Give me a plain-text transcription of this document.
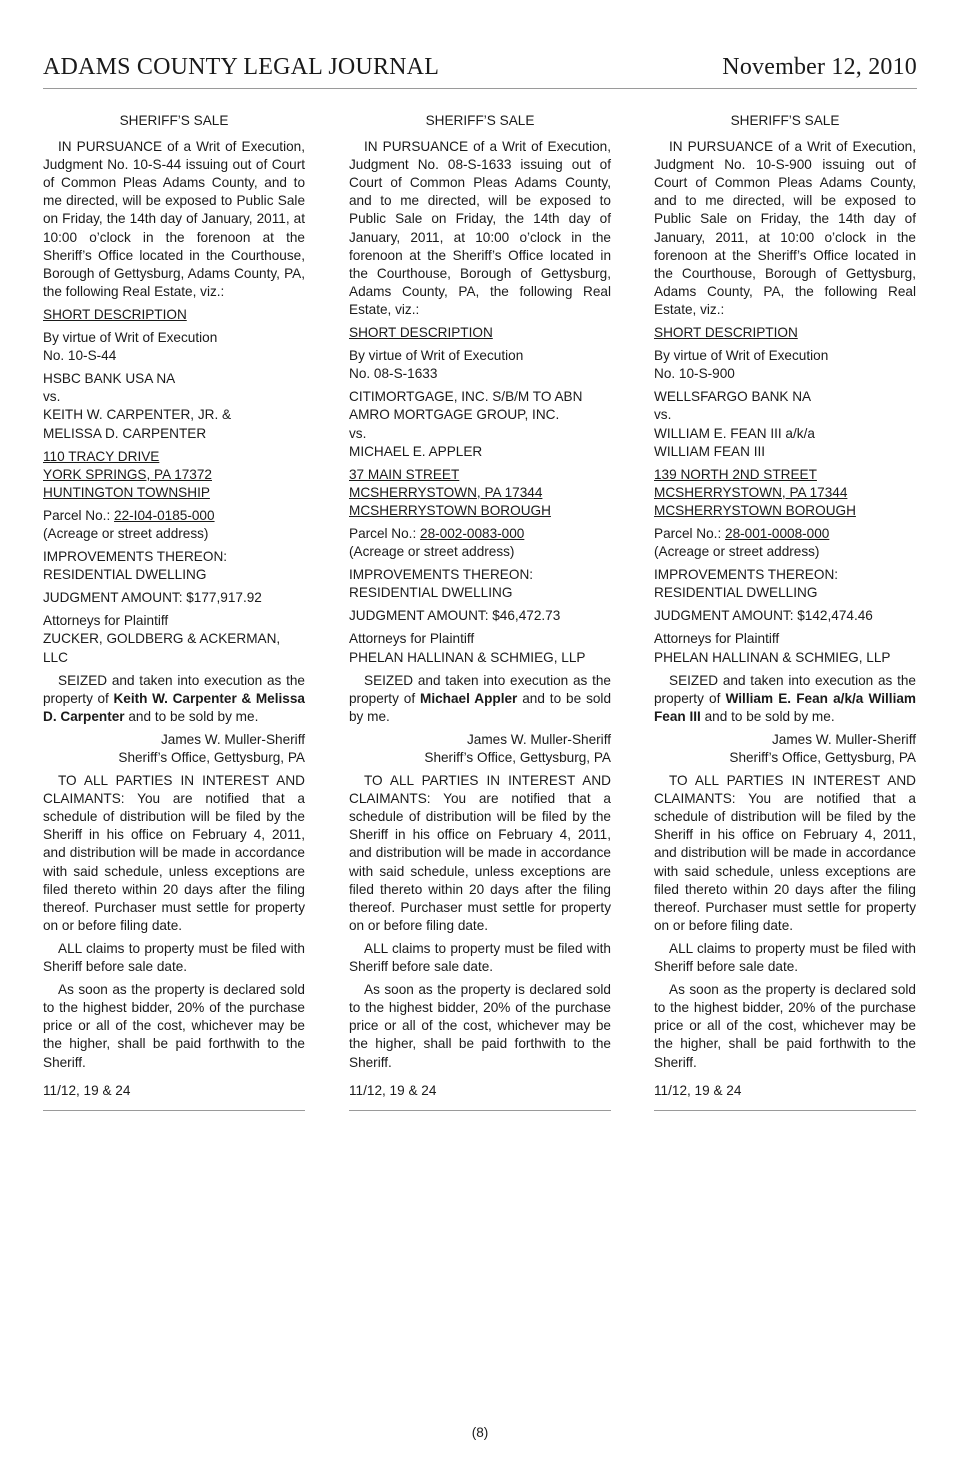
ADAMS COUNTY LEGAL JOURNAL	November 12, 2010

SHERIFF’S SALE

IN PURSUANCE of a Writ of Execution, Judgment No. 10-S-44 issuing out of Court of Common Pleas Adams County, and to me directed, will be exposed to Public Sale on Friday, the 14th day of January, 2011, at 10:00 o’clock in the forenoon at the Sheriff’s Office located in the Courthouse, Borough of Gettysburg, Adams County, PA, the following Real Estate, viz.:

SHORT DESCRIPTION

By virtue of Writ of Execution

No. 10-S-44

HSBC BANK USA NA

vs.

KEITH W. CARPENTER, JR. &

MELISSA D. CARPENTER

110 TRACY DRIVE

YORK SPRINGS, PA 17372

HUNTINGTON TOWNSHIP

Parcel No.: 22-I04-0185-000

(Acreage or street address)

IMPROVEMENTS THEREON:

RESIDENTIAL DWELLING

JUDGMENT AMOUNT: $177,917.92

Attorneys for Plaintiff

ZUCKER, GOLDBERG & ACKERMAN, LLC

SEIZED and taken into execution as the property of Keith W. Carpenter & Melissa D. Carpenter and to be sold by me.

James W. Muller-Sheriff

Sheriff’s Office, Gettysburg, PA

TO ALL PARTIES IN INTEREST AND CLAIMANTS: You are notified that a schedule of distribution will be filed by the Sheriff in his office on February 4, 2011, and distribution will be made in accordance with said schedule, unless exceptions are filed thereto within 20 days after the filing thereof. Purchaser must settle for property on or before filing date.

ALL claims to property must be filed with Sheriff before sale date.

As soon as the property is declared sold to the highest bidder, 20% of the purchase price or all of the cost, whichever may be the higher, shall be paid forthwith to the Sheriff.

11/12, 19 & 24

SHERIFF’S SALE

IN PURSUANCE of a Writ of Execution, Judgment No. 08-S-1633 issuing out of Court of Common Pleas Adams County, and to me directed, will be exposed to Public Sale on Friday, the 14th day of January, 2011, at 10:00 o’clock in the forenoon at the Sheriff’s Office located in the Courthouse, Borough of Gettysburg, Adams County, PA, the following Real Estate, viz.:

SHORT DESCRIPTION

By virtue of Writ of Execution

No. 08-S-1633

CITIMORTGAGE, INC. S/B/M TO ABN AMRO MORTGAGE GROUP, INC.

vs.

MICHAEL E. APPLER

37 MAIN STREET

MCSHERRYSTOWN, PA 17344

MCSHERRYSTOWN BOROUGH

Parcel No.: 28-002-0083-000

(Acreage or street address)

IMPROVEMENTS THEREON:

RESIDENTIAL DWELLING

JUDGMENT AMOUNT: $46,472.73

Attorneys for Plaintiff

PHELAN HALLINAN & SCHMIEG, LLP

SEIZED and taken into execution as the property of Michael Appler and to be sold by me.

James W. Muller-Sheriff

Sheriff’s Office, Gettysburg, PA

TO ALL PARTIES IN INTEREST AND CLAIMANTS: You are notified that a schedule of distribution will be filed by the Sheriff in his office on February 4, 2011, and distribution will be made in accordance with said schedule, unless exceptions are filed thereto within 20 days after the filing thereof. Purchaser must settle for property on or before filing date.

ALL claims to property must be filed with Sheriff before sale date.

As soon as the property is declared sold to the highest bidder, 20% of the purchase price or all of the cost, whichever may be the higher, shall be paid forthwith to the Sheriff.

11/12, 19 & 24

SHERIFF’S SALE

IN PURSUANCE of a Writ of Execution, Judgment No. 10-S-900 issuing out of Court of Common Pleas Adams County, and to me directed, will be exposed to Public Sale on Friday, the 14th day of January, 2011, at 10:00 o’clock in the forenoon at the Sheriff’s Office located in the Courthouse, Borough of Gettysburg, Adams County, PA, the following Real Estate, viz.:

SHORT DESCRIPTION

By virtue of Writ of Execution

No. 10-S-900

WELLSFARGO BANK NA

vs.

WILLIAM E. FEAN III a/k/a

WILLIAM FEAN III

139 NORTH 2ND STREET

MCSHERRYSTOWN, PA 17344

MCSHERRYSTOWN BOROUGH

Parcel No.: 28-001-0008-000

(Acreage or street address)

IMPROVEMENTS THEREON:

RESIDENTIAL DWELLING

JUDGMENT AMOUNT: $142,474.46

Attorneys for Plaintiff

PHELAN HALLINAN & SCHMIEG, LLP

SEIZED and taken into execution as the property of William E. Fean a/k/a William Fean III and to be sold by me.

James W. Muller-Sheriff

Sheriff’s Office, Gettysburg, PA

TO ALL PARTIES IN INTEREST AND CLAIMANTS: You are notified that a schedule of distribution will be filed by the Sheriff in his office on February 4, 2011, and distribution will be made in accordance with said schedule, unless exceptions are filed thereto within 20 days after the filing thereof. Purchaser must settle for property on or before filing date.

ALL claims to property must be filed with Sheriff before sale date.

As soon as the property is declared sold to the highest bidder, 20% of the purchase price or all of the cost, whichever may be the higher, shall be paid forthwith to the Sheriff.

11/12, 19 & 24

(8)
